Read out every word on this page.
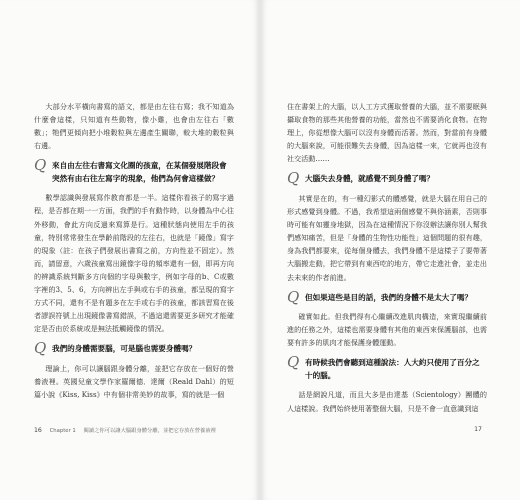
大部分水平橫向書寫的語文，都是由左往右寫；我不知道為什麼會這樣，只知道有些動物，像小雞，也會由左往右「數數」；牠們更傾向把小堆穀粒與左邊產生關聯，較大堆的穀粒與右邊。

Q 來自由左往右書寫文化圈的孩童，在某個發展階段會突然有由右往左寫字的現象，他們為何會這樣做？

數學認識與發展寫作教育都是一半。這樣你看孩子的寫字過程，是否都在期一一方面，我們的手有動作時，以身體為中心往外移動，會此方向反過來寫算是行。這種狀態向使用左手的孩童，特別常常發生在學齡前階段的左往右，也就是「鏡像」寫字的現象（註：在孩子們發展出書寫之前，方向性並不固定）。然而，請留意，六歲孩童寫出鏡像字母的頻率還有一個，即再方向的辨識系統判斷多方向個的字母與數字，例如字母的b、C或數字裡的3、5、6，方向辨出左手與或右手的孩童，都呈現的寫字方式不同，還有不是有題多在左手或右手的孩童，都該習寫在後者謬誤符號上出現鏡像書寫錯誤，不過這還需要更多研究才能確定是否由於系統或是無法抵觸鏡像的情況。

Q 我們的身體需要腦，可是腦也需要身體嗎？

理論上，你可以讓腦跟身體分離，並把它存放在一個好的營養液裡。英國兒童文學作家羅爾德．達爾（Reald Dahl）的短篇小說《Kiss, Kiss》中有個非常美妙的故事，寫的就是一個

16 Chapter 1 閱讀之你可以讓大腦跟身體分離，並把它存放在營養液裡

住在書架上的大腦，以人工方式獲取營養的大腦，並不需要眠與攝取食物的那些其他營養的功能，當然也不需要消化食物。在物理上，你從想像大腦可以沒有身體而活著。然而，對當前有身體的大腦來說，可能很難失去身體，因為這樣一來，它就再也沒有社交活動……

Q 大腦失去身體，就感覺不到身體了嗎？

其實是在的，有一種幻影式的體感覺，就是大腦在用自己的形式感覺到身體。不過，我希望這兩個感覺不與你涵素，否則事時可能有如靈身地獄，因為在這種情況下你沒辦法讓你別人幫我們感知痛苦，但是「身體的生物性功能性」這個問題的很有趣，身為我們都要來，從每個身體去，我們身體不是這樣子了要帶著大腦搬走動，把它帶到有東西吃的地方，帶它走進社會，並走出去未來的作者前進。

Q 但如果這些是目的話，我們的身體不是太大了嗎？

確實如此。但我們得有心繼續改進肌肉構造，來實現繼續前進的任務之外，這樣也需要身體有其他的東西來保護腦部，也需要有許多的肌肉才能保護身體運動。

Q 有時候我們會聽到這種說法：人大約只使用了百分之十的腦。

話是網說凡道，而且大多是由達基（Scientology）團體的人這樣說。我們始終使用著整個大腦，只是不會一直意識到這

17
